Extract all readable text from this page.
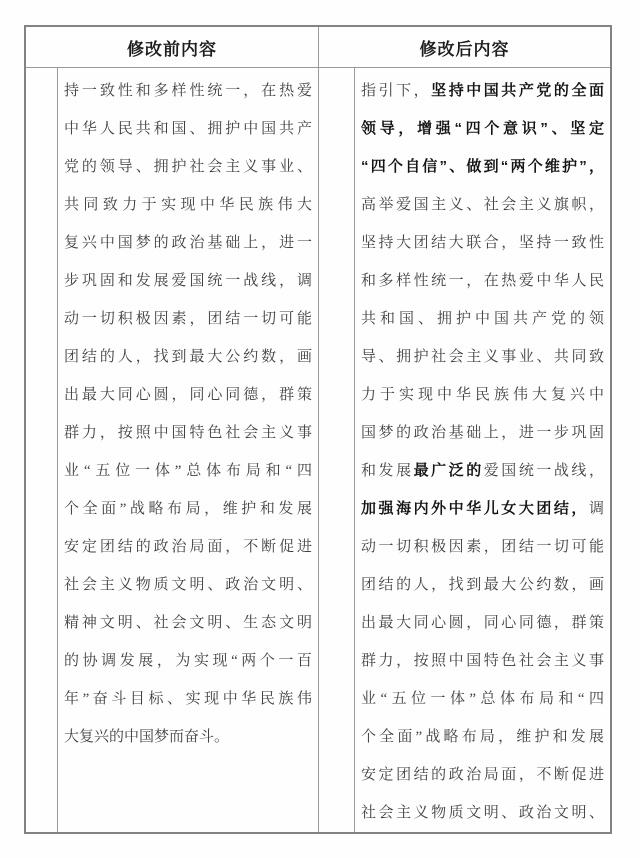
修改前内容	修改后内容
持一致性和多样性统一，在热爱
中华人民共和国、拥护中国共产
党的领导、拥护社会主义事业、
共同致力于实现中华民族伟大
复兴中国梦的政治基础上，进一
步巩固和发展爱国统一战线，调
动一切积极因素，团结一切可能
团结的人，找到最大公约数，画
出最大同心圆，同心同德，群策
群力，按照中国特色社会主义事
业“五位一体”总体布局和“四
个全面”战略布局，维护和发展
安定团结的政治局面，不断促进
社会主义物质文明、政治文明、
精神文明、社会文明、生态文明
的协调发展，为实现“两个一百
年”奋斗目标、实现中华民族伟
大复兴的中国梦而奋斗。
指引下，坚持中国共产党的全面
领导，增强“四个意识”、坚定
“四个自信”、做到“两个维护”，
高举爱国主义、社会主义旗帜，
坚持大团结大联合，坚持一致性
和多样性统一，在热爱中华人民
共和国、拥护中国共产党的领
导、拥护社会主义事业、共同致
力于实现中华民族伟大复兴中
国梦的政治基础上，进一步巩固
和发展最广泛的爱国统一战线，
加强海内外中华儿女大团结，调
动一切积极因素，团结一切可能
团结的人，找到最大公约数，画
出最大同心圆，同心同德，群策
群力，按照中国特色社会主义事
业“五位一体”总体布局和“四
个全面”战略布局，维护和发展
安定团结的政治局面，不断促进
社会主义物质文明、政治文明、
